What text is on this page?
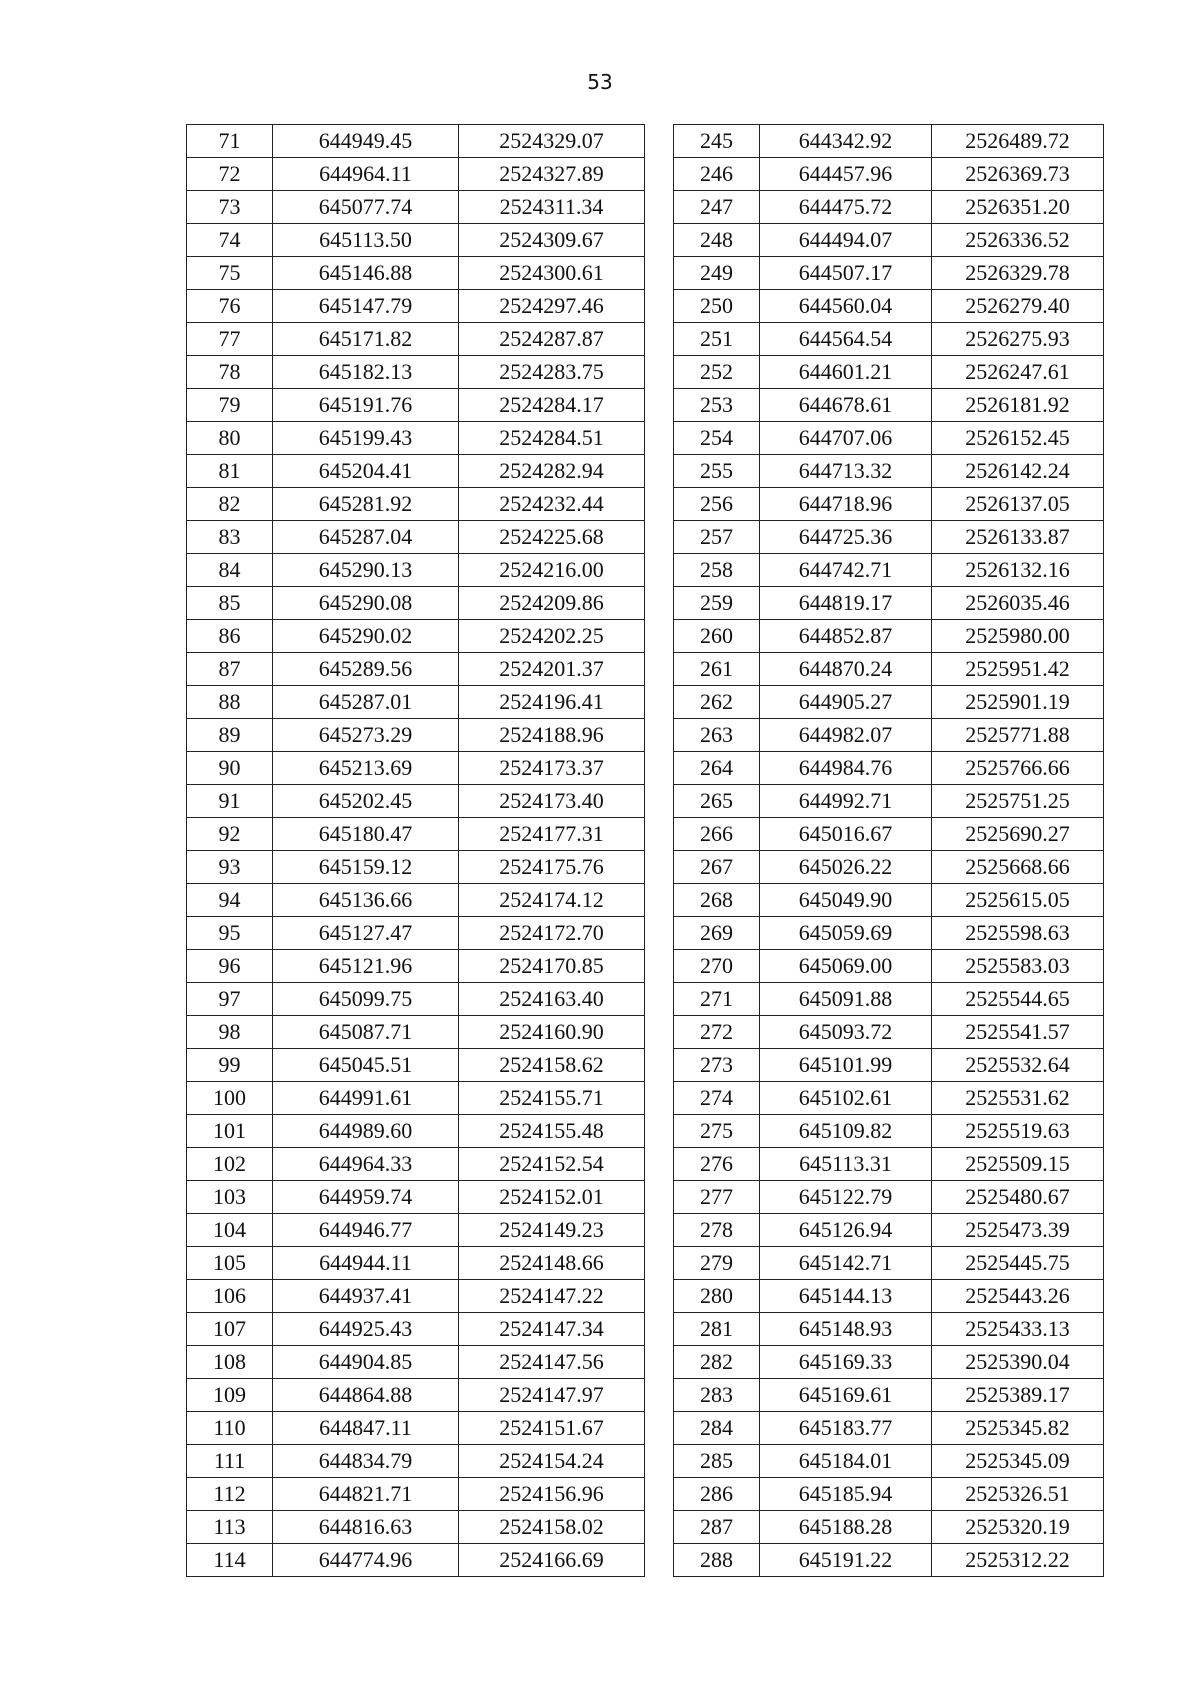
53
71	644949.45	2524329.07
72	644964.11	2524327.89
73	645077.74	2524311.34
74	645113.50	2524309.67
75	645146.88	2524300.61
76	645147.79	2524297.46
77	645171.82	2524287.87
78	645182.13	2524283.75
79	645191.76	2524284.17
80	645199.43	2524284.51
81	645204.41	2524282.94
82	645281.92	2524232.44
83	645287.04	2524225.68
84	645290.13	2524216.00
85	645290.08	2524209.86
86	645290.02	2524202.25
87	645289.56	2524201.37
88	645287.01	2524196.41
89	645273.29	2524188.96
90	645213.69	2524173.37
91	645202.45	2524173.40
92	645180.47	2524177.31
93	645159.12	2524175.76
94	645136.66	2524174.12
95	645127.47	2524172.70
96	645121.96	2524170.85
97	645099.75	2524163.40
98	645087.71	2524160.90
99	645045.51	2524158.62
100	644991.61	2524155.71
101	644989.60	2524155.48
102	644964.33	2524152.54
103	644959.74	2524152.01
104	644946.77	2524149.23
105	644944.11	2524148.66
106	644937.41	2524147.22
107	644925.43	2524147.34
108	644904.85	2524147.56
109	644864.88	2524147.97
110	644847.11	2524151.67
111	644834.79	2524154.24
112	644821.71	2524156.96
113	644816.63	2524158.02
114	644774.96	2524166.69
245	644342.92	2526489.72
246	644457.96	2526369.73
247	644475.72	2526351.20
248	644494.07	2526336.52
249	644507.17	2526329.78
250	644560.04	2526279.40
251	644564.54	2526275.93
252	644601.21	2526247.61
253	644678.61	2526181.92
254	644707.06	2526152.45
255	644713.32	2526142.24
256	644718.96	2526137.05
257	644725.36	2526133.87
258	644742.71	2526132.16
259	644819.17	2526035.46
260	644852.87	2525980.00
261	644870.24	2525951.42
262	644905.27	2525901.19
263	644982.07	2525771.88
264	644984.76	2525766.66
265	644992.71	2525751.25
266	645016.67	2525690.27
267	645026.22	2525668.66
268	645049.90	2525615.05
269	645059.69	2525598.63
270	645069.00	2525583.03
271	645091.88	2525544.65
272	645093.72	2525541.57
273	645101.99	2525532.64
274	645102.61	2525531.62
275	645109.82	2525519.63
276	645113.31	2525509.15
277	645122.79	2525480.67
278	645126.94	2525473.39
279	645142.71	2525445.75
280	645144.13	2525443.26
281	645148.93	2525433.13
282	645169.33	2525390.04
283	645169.61	2525389.17
284	645183.77	2525345.82
285	645184.01	2525345.09
286	645185.94	2525326.51
287	645188.28	2525320.19
288	645191.22	2525312.22
